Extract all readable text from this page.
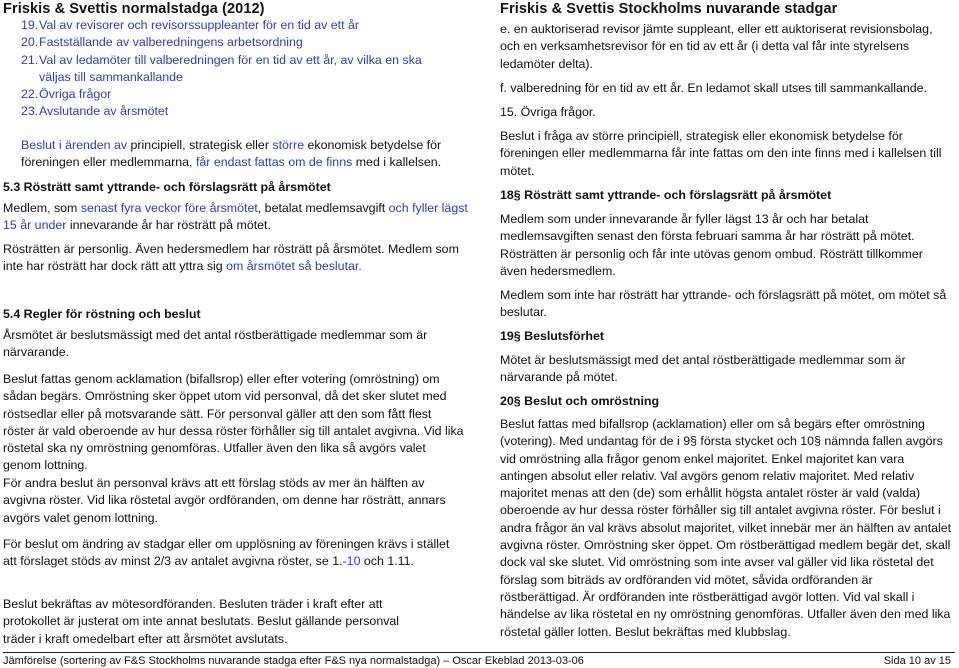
Friskis & Svettis normalstadga (2012)	Friskis & Svettis Stockholms nuvarande stadgar
19.Val av revisorer och revisorssuppleanter för en tid av ett år
20.Fastställande av valberedningens arbetsordning
21.Val av ledamöter till valberedningen för en tid av ett år, av vilka en ska
väljas till sammankallande
22.Övriga frågor
23.Avslutande av årsmötet
Beslut i ärenden av principiell, strategisk eller större ekonomisk betydelse för föreningen eller medlemmarna, får endast fattas om de finns med i kallelsen.
5.3 Rösträtt samt yttrande- och förslagsrätt på årsmötet
Medlem, som senast fyra veckor före årsmötet, betalat medlemsavgift och fyller lägst 15 år under innevarande år har rösträtt på mötet.
Rösträtten är personlig. Även hedersmedlem har rösträtt på årsmötet. Medlem som inte har rösträtt har dock rätt att yttra sig om årsmötet så beslutar.
5.4 Regler för röstning och beslut
Årsmötet är beslutsmässigt med det antal röstberättigade medlemmar som är närvarande.
Beslut fattas genom acklamation (bifallsrop) eller efter votering (omröstning) om sådan begärs. Omröstning sker öppet utom vid personval, då det sker slutet med röstsedlar eller på motsvarande sätt. För personval gäller att den som fått flest röster är vald oberoende av hur dessa röster förhåller sig till antalet avgivna. Vid lika röstetal ska ny omröstning genomföras. Utfaller även den lika så avgörs valet genom lottning.
För andra beslut än personval krävs att ett förslag stöds av mer än hälften av avgivna röster. Vid lika röstetal avgör ordföranden, om denne har rösträtt, annars avgörs valet genom lottning.
För beslut om ändring av stadgar eller om upplösning av föreningen krävs i stället att förslaget stöds av minst 2/3 av antalet avgivna röster, se 1.-10 och 1.11.
Beslut bekräftas av mötesordföranden. Besluten träder i kraft efter att protokollet är justerat om inte annat beslutats. Beslut gällande personval träder i kraft omedelbart efter att årsmötet avslutats.
e. en auktoriserad revisor jämte suppleant, eller ett auktoriserat revisionsbolag, och en verksamhetsrevisor för en tid av ett år (i detta val får inte styrelsens ledamöter delta).
f. valberedning för en tid av ett år. En ledamot skall utses till sammankallande.
15. Övriga frågor.
Beslut i fråga av större principiell, strategisk eller ekonomisk betydelse för föreningen eller medlemmarna får inte fattas om den inte finns med i kallelsen till mötet.
18§ Rösträtt samt yttrande- och förslagsrätt på årsmötet
Medlem som under innevarande år fyller lägst 13 år och har betalat medlemsavgiften senast den första februari samma år har rösträtt på mötet. Rösträtten är personlig och får inte utövas genom ombud. Rösträtt tillkommer även hedersmedlem.
Medlem som inte har rösträtt har yttrande- och förslagsrätt på mötet, om mötet så beslutar.
19§ Beslutsförhet
Mötet är beslutsmässigt med det antal röstberättigade medlemmar som är närvarande på mötet.
20§ Beslut och omröstning
Beslut fattas med bifallsrop (acklamation) eller om så begärs efter omröstning (votering). Med undantag för de i 9§ första stycket och 10§ nämnda fallen avgörs vid omröstning alla frågor genom enkel majoritet. Enkel majoritet kan vara antingen absolut eller relativ. Val avgörs genom relativ majoritet. Med relativ majoritet menas att den (de) som erhållit högsta antalet röster är vald (valda) oberoende av hur dessa röster förhåller sig till antalet avgivna röster. För beslut i andra frågor än val krävs absolut majoritet, vilket innebär mer än hälften av antalet avgivna röster. Omröstning sker öppet. Om röstberättigad medlem begär det, skall dock val ske slutet. Vid omröstning som inte avser val gäller vid lika röstetal det förslag som biträds av ordföranden vid mötet, såvida ordföranden är röstberättigad. Är ordföranden inte röstberättigad avgör lotten. Vid val skall i händelse av lika röstetal en ny omröstning genomföras. Utfaller även den med lika röstetal gäller lotten. Beslut bekräftas med klubbslag.
Jämförelse (sortering av F&S Stockholms nuvarande stadga efter F&S nya normalstadga) – Oscar Ekeblad 2013-03-06	Sida 10 av 15
